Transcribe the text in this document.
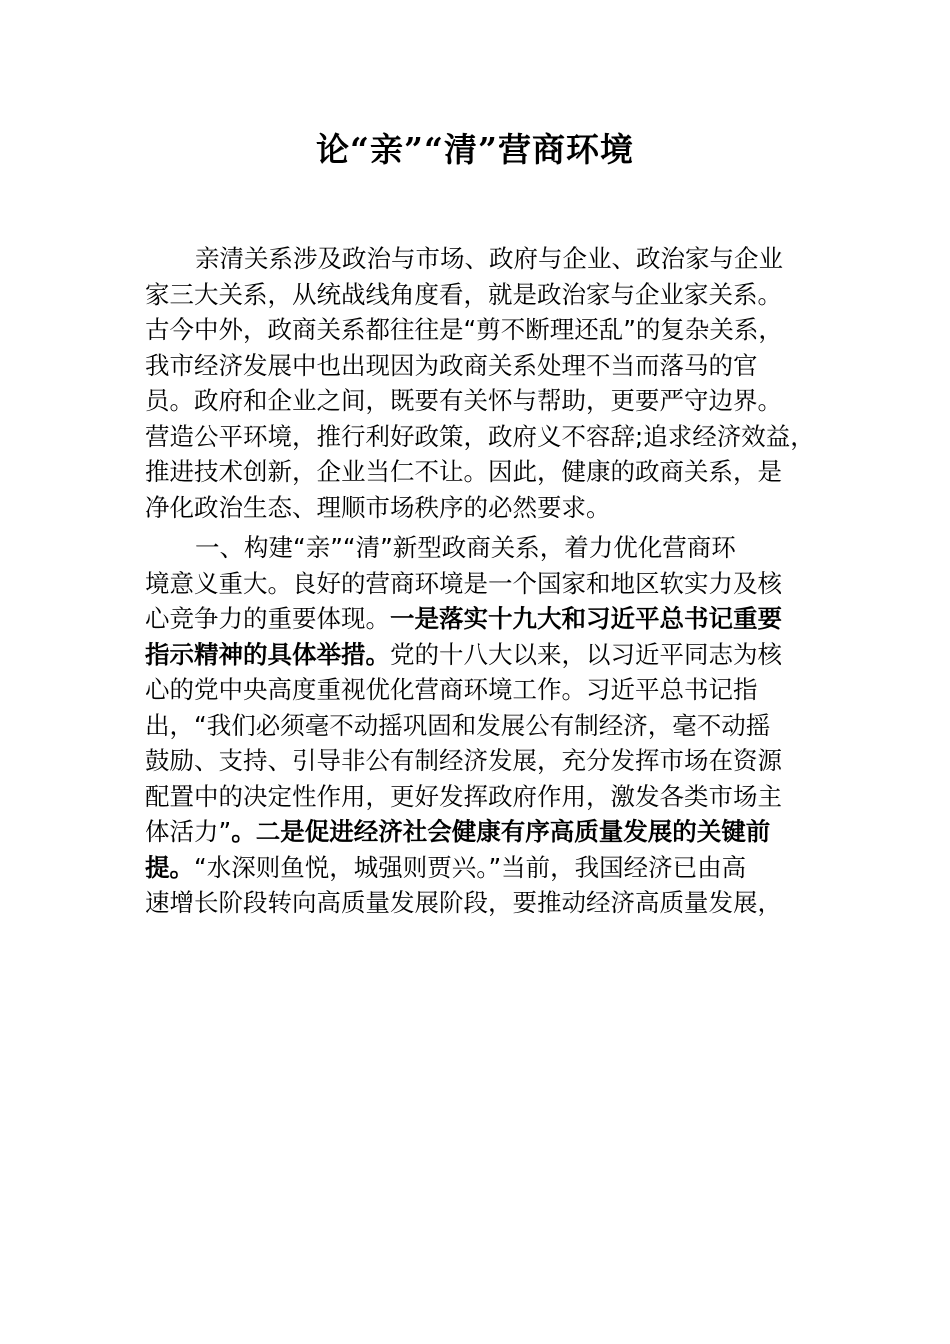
论“亲”“清”营商环境
亲清关系涉及政治与市场、政府与企业、政治家与企业
家三大关系，从统战线角度看，就是政治家与企业家关系。
古今中外，政商关系都往往是“剪不断理还乱”的复杂关系，
我市经济发展中也出现因为政商关系处理不当而落马的官
员。政府和企业之间，既要有关怀与帮助，更要严守边界。
营造公平环境，推行利好政策，政府义不容辞;追求经济效益，
推进技术创新，企业当仁不让。因此，健康的政商关系，是
净化政治生态、理顺市场秩序的必然要求。
一、构建“亲”“清”新型政商关系，着力优化营商环
境意义重大。良好的营商环境是一个国家和地区软实力及核
心竞争力的重要体现。一是落实十九大和习近平总书记重要
指示精神的具体举措。党的十八大以来，以习近平同志为核
心的党中央高度重视优化营商环境工作。习近平总书记指
出，“我们必须毫不动摇巩固和发展公有制经济，毫不动摇
鼓励、支持、引导非公有制经济发展，充分发挥市场在资源
配置中的决定性作用，更好发挥政府作用，激发各类市场主
体活力”。二是促进经济社会健康有序高质量发展的关键前
提。“水深则鱼悦，城强则贾兴。”当前，我国经济已由高
速增长阶段转向高质量发展阶段，要推动经济高质量发展，
